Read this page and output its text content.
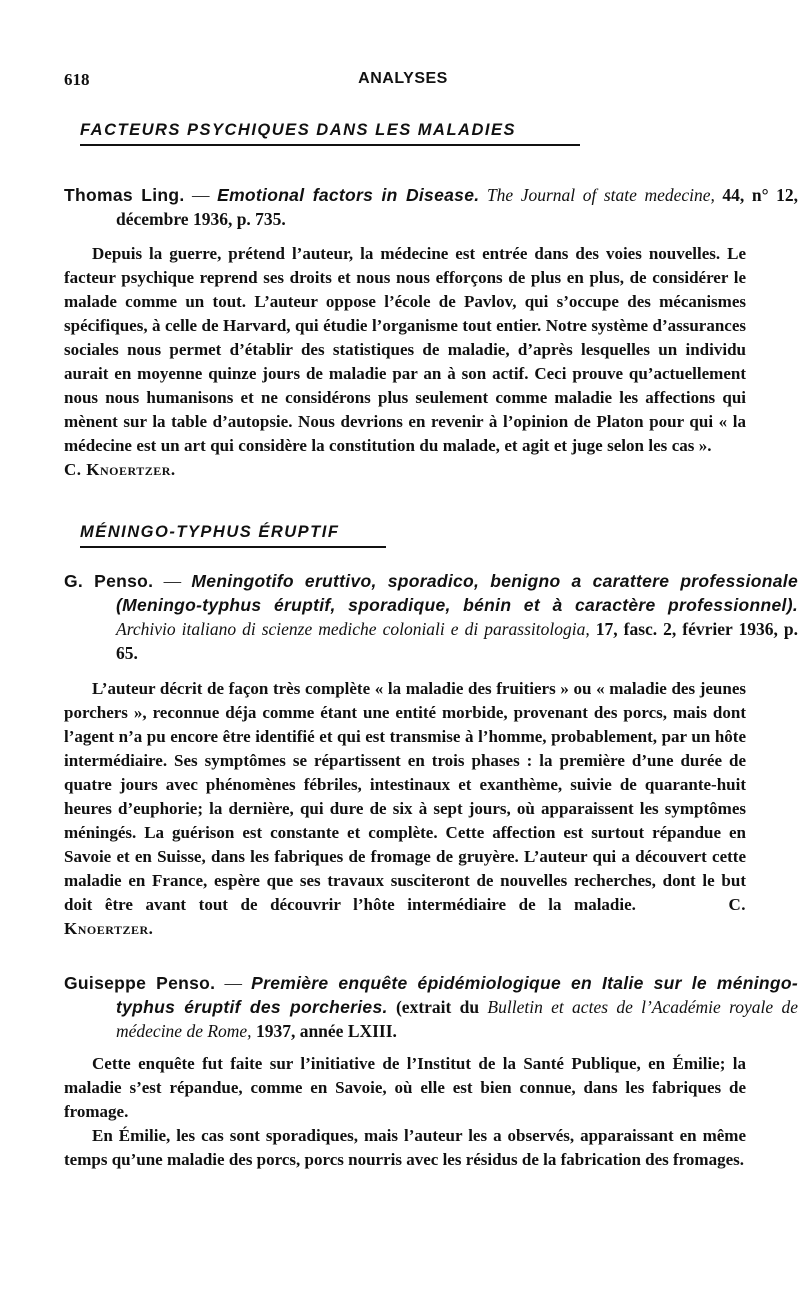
618	ANALYSES
FACTEURS PSYCHIQUES DANS LES MALADIES
Thomas Ling. — Emotional factors in Disease. The Journal of state medecine, 44, n° 12, décembre 1936, p. 735.
Depuis la guerre, prétend l’auteur, la médecine est entrée dans des voies nouvelles. Le facteur psychique reprend ses droits et nous nous efforçons de plus en plus, de considérer le malade comme un tout. L’auteur oppose l’école de Pavlov, qui s’occupe des mécanismes spécifiques, à celle de Harvard, qui étudie l’organisme tout entier. Notre système d’assurances sociales nous permet d’établir des statistiques de maladie, d’après lesquelles un individu aurait en moyenne quinze jours de maladie par an à son actif. Ceci prouve qu’actuellement nous nous humanisons et ne considérons plus seulement comme maladie les affections qui mènent sur la table d’autopsie. Nous devrions en revenir à l’opinion de Platon pour qui « la médecine est un art qui considère la constitution du malade, et agit et juge selon les cas ». C. Knoertzer.
MÉNINGO-TYPHUS ÉRUPTIF
G. Penso. — Meningotifo eruttivo, sporadico, benigno a carattere professionale (Meningo-typhus éruptif, sporadique, bénin et à caractère professionnel). Archivio italiano di scienze mediche coloniali e di parassitologia, 17, fasc. 2, février 1936, p. 65.
L’auteur décrit de façon très complète « la maladie des fruitiers » ou « maladie des jeunes porchers », reconnue déja comme étant une entité morbide, provenant des porcs, mais dont l’agent n’a pu encore être identifié et qui est transmise à l’homme, probablement, par un hôte intermédiaire. Ses symptômes se répartissent en trois phases : la première d’une durée de quatre jours avec phénomènes fébriles, intestinaux et exanthème, suivie de quarante-huit heures d’euphorie; la dernière, qui dure de six à sept jours, où apparaissent les symptômes méningés. La guérison est constante et complète. Cette affection est surtout répandue en Savoie et en Suisse, dans les fabriques de fromage de gruyère. L’auteur qui a découvert cette maladie en France, espère que ses travaux susciteront de nouvelles recherches, dont le but doit être avant tout de découvrir l’hôte intermédiaire de la maladie.	C. Knoertzer.
Guiseppe Penso. — Première enquête épidémiologique en Italie sur le méningo-typhus éruptif des porcheries. (extrait du Bulletin et actes de l’Académie royale de médecine de Rome, 1937, année LXIII.
Cette enquête fut faite sur l’initiative de l’Institut de la Santé Publique, en Émilie; la maladie s’est répandue, comme en Savoie, où elle est bien connue, dans les fabriques de fromage.
En Émilie, les cas sont sporadiques, mais l’auteur les a observés, apparaissant en même temps qu’une maladie des porcs, porcs nourris avec les résidus de la fabrication des fromages.
